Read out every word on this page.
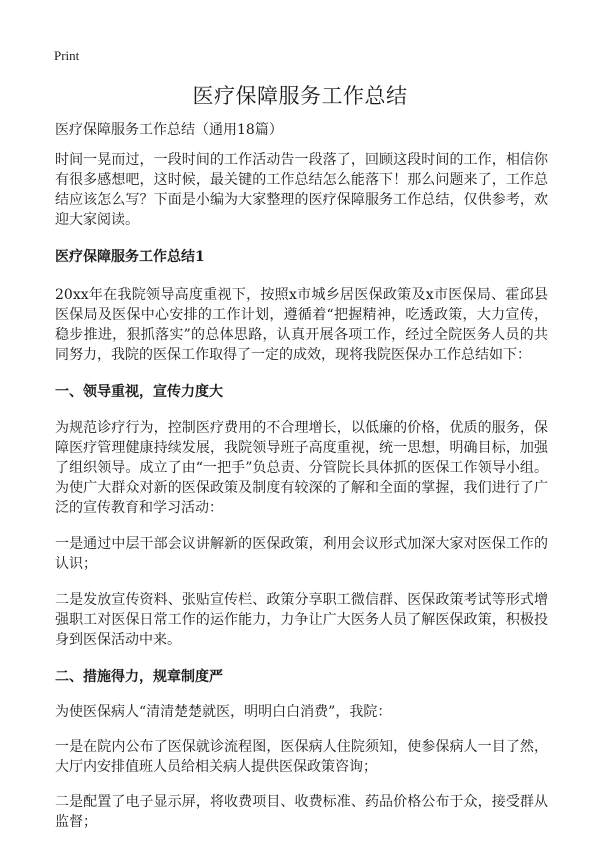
Print
医疗保障服务工作总结

医疗保障服务工作总结（通用18篇）

时间一晃而过，一段时间的工作活动告一段落了，回顾这段时间的工作，相信你有很多感想吧，这时候，最关键的工作总结怎么能落下！那么问题来了，工作总结应该怎么写？下面是小编为大家整理的医疗保障服务工作总结，仅供参考，欢迎大家阅读。

医疗保障服务工作总结1

20xx年在我院领导高度重视下，按照x市城乡居医保政策及x市医保局、霍邱县医保局及医保中心安排的工作计划，遵循着“把握精神，吃透政策，大力宣传，稳步推进，狠抓落实”的总体思路，认真开展各项工作，经过全院医务人员的共同努力，我院的医保工作取得了一定的成效，现将我院医保办工作总结如下：

一、领导重视，宣传力度大

为规范诊疗行为，控制医疗费用的不合理增长，以低廉的价格，优质的服务，保障医疗管理健康持续发展，我院领导班子高度重视，统一思想，明确目标，加强了组织领导。成立了由“一把手”负总责、分管院长具体抓的医保工作领导小组。为使广大群众对新的医保政策及制度有较深的了解和全面的掌握，我们进行了广泛的宣传教育和学习活动：

一是通过中层干部会议讲解新的医保政策，利用会议形式加深大家对医保工作的认识；

二是发放宣传资料、张贴宣传栏、政策分享职工微信群、医保政策考试等形式增强职工对医保日常工作的运作能力，力争让广大医务人员了解医保政策，积极投身到医保活动中来。

二、措施得力，规章制度严

为使医保病人“清清楚楚就医，明明白白消费”，我院：

一是在院内公布了医保就诊流程图，医保病人住院须知，使参保病人一目了然，大厅内安排值班人员给相关病人提供医保政策咨询；

二是配置了电子显示屏，将收费项目、收费标准、药品价格公布于众，接受群从监督；
